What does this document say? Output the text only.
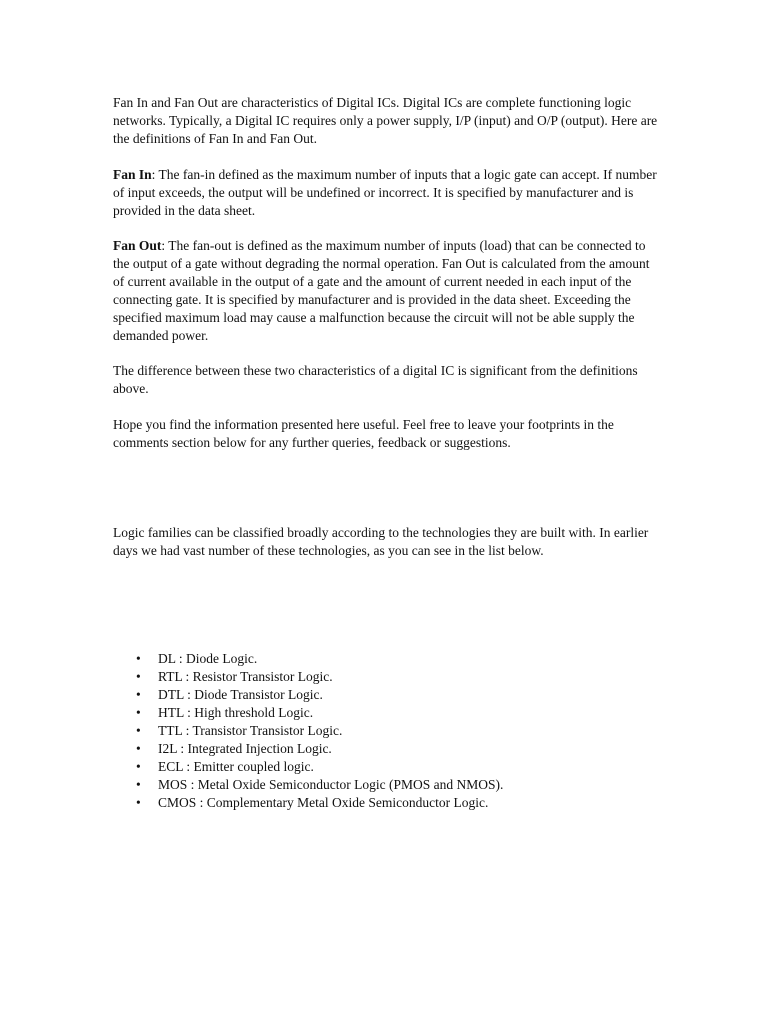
Fan In and Fan Out are characteristics of Digital ICs. Digital ICs are complete functioning logic networks. Typically, a Digital IC requires only a power supply, I/P (input) and O/P (output). Here are the definitions of Fan In and Fan Out.

Fan In: The fan-in defined as the maximum number of inputs that a logic gate can accept. If number of input exceeds, the output will be undefined or incorrect. It is specified by manufacturer and is provided in the data sheet.

Fan Out: The fan-out is defined as the maximum number of inputs (load) that can be connected to the output of a gate without degrading the normal operation. Fan Out is calculated from the amount of current available in the output of a gate and the amount of current needed in each input of the connecting gate. It is specified by manufacturer and is provided in the data sheet. Exceeding the specified maximum load may cause a malfunction because the circuit will not be able supply the demanded power.

The difference between these two characteristics of a digital IC is significant from the definitions above.

Hope you find the information presented here useful. Feel free to leave your footprints in the comments section below for any further queries, feedback or suggestions.

Logic families can be classified broadly according to the technologies they are built with. In earlier days we had vast number of these technologies, as you can see in the list below.

• DL : Diode Logic.
• RTL : Resistor Transistor Logic.
• DTL : Diode Transistor Logic.
• HTL : High threshold Logic.
• TTL : Transistor Transistor Logic.
• I2L : Integrated Injection Logic.
• ECL : Emitter coupled logic.
• MOS : Metal Oxide Semiconductor Logic (PMOS and NMOS).
• CMOS : Complementary Metal Oxide Semiconductor Logic.
